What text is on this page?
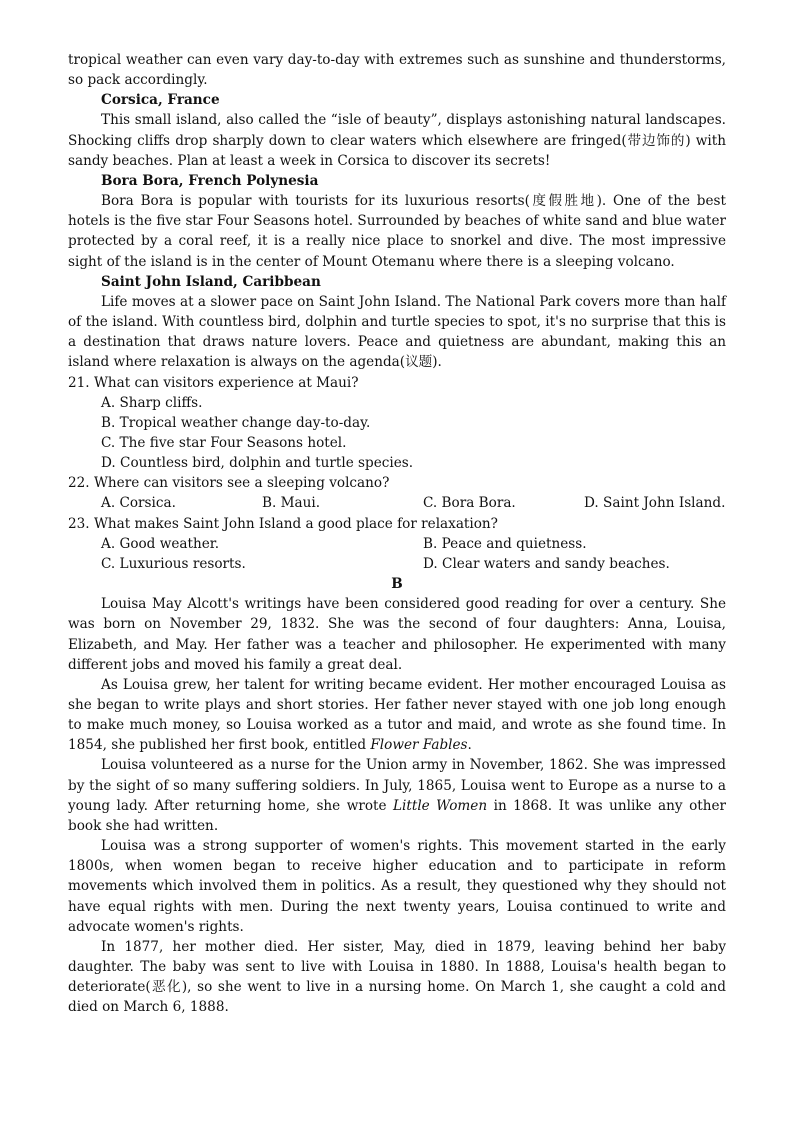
tropical weather can even vary day-to-day with extremes such as sunshine and thunderstorms, so pack accordingly.

Corsica, France

This small island, also called the “isle of beauty”, displays astonishing natural landscapes. Shocking cliffs drop sharply down to clear waters which elsewhere are fringed(带边饰的) with sandy beaches. Plan at least a week in Corsica to discover its secrets!

Bora Bora, French Polynesia

Bora Bora is popular with tourists for its luxurious resorts(度假胜地). One of the best hotels is the five star Four Seasons hotel. Surrounded by beaches of white sand and blue water protected by a coral reef, it is a really nice place to snorkel and dive. The most impressive sight of the island is in the center of Mount Otemanu where there is a sleeping volcano.

Saint John Island, Caribbean

Life moves at a slower pace on Saint John Island. The National Park covers more than half of the island. With countless bird, dolphin and turtle species to spot, it's no surprise that this is a destination that draws nature lovers. Peace and quietness are abundant, making this an island where relaxation is always on the agenda(议题).

21. What can visitors experience at Maui?

A. Sharp cliffs.

B. Tropical weather change day-to-day.

C. The five star Four Seasons hotel.

D. Countless bird, dolphin and turtle species.

22. Where can visitors see a sleeping volcano?

A. Corsica.	B. Maui.	C. Bora Bora.	D. Saint John Island.

23. What makes Saint John Island a good place for relaxation?

A. Good weather.	B. Peace and quietness.
C. Luxurious resorts.	D. Clear waters and sandy beaches.

B

Louisa May Alcott's writings have been considered good reading for over a century. She was born on November 29, 1832. She was the second of four daughters: Anna, Louisa, Elizabeth, and May. Her father was a teacher and philosopher. He experimented with many different jobs and moved his family a great deal.

As Louisa grew, her talent for writing became evident. Her mother encouraged Louisa as she began to write plays and short stories. Her father never stayed with one job long enough to make much money, so Louisa worked as a tutor and maid, and wrote as she found time. In 1854, she published her first book, entitled Flower Fables.

Louisa volunteered as a nurse for the Union army in November, 1862. She was impressed by the sight of so many suffering soldiers. In July, 1865, Louisa went to Europe as a nurse to a young lady. After returning home, she wrote Little Women in 1868. It was unlike any other book she had written.

Louisa was a strong supporter of women's rights. This movement started in the early 1800s, when women began to receive higher education and to participate in reform movements which involved them in politics. As a result, they questioned why they should not have equal rights with men. During the next twenty years, Louisa continued to write and advocate women's rights.

In 1877, her mother died. Her sister, May, died in 1879, leaving behind her baby daughter. The baby was sent to live with Louisa in 1880. In 1888, Louisa's health began to deteriorate(恶化), so she went to live in a nursing home. On March 1, she caught a cold and died on March 6, 1888.
